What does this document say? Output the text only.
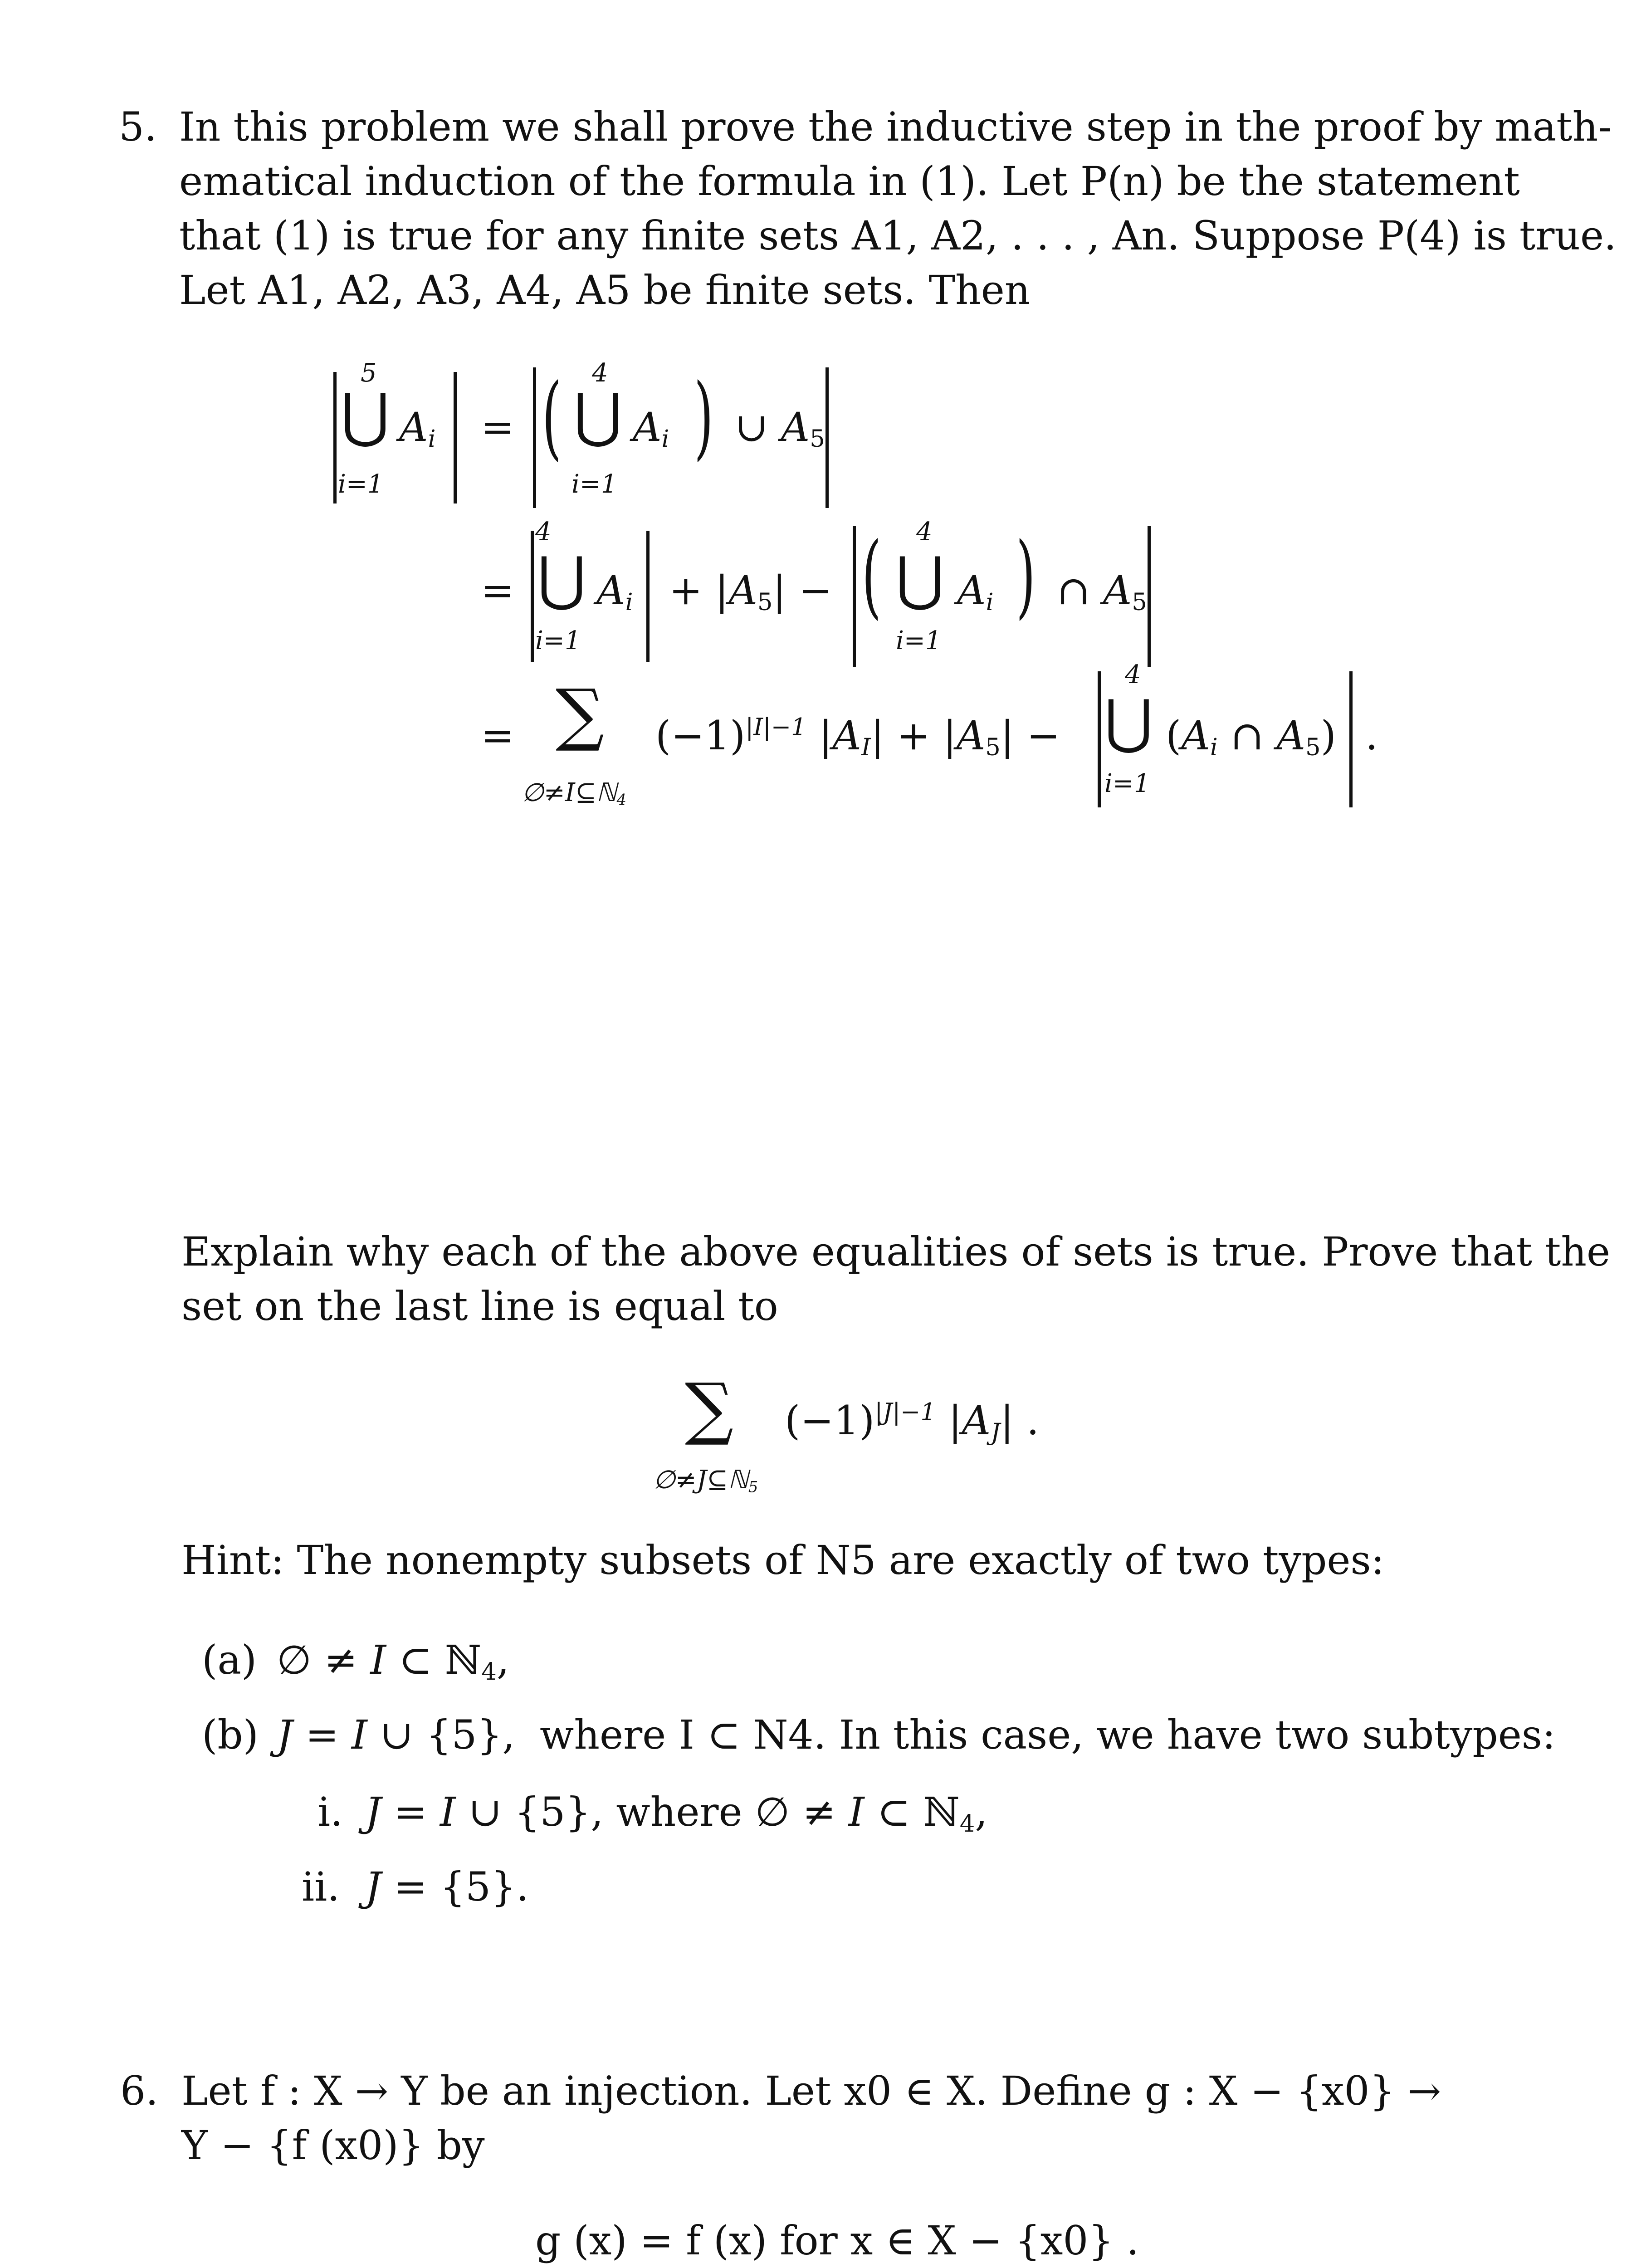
5. In this problem we shall prove the inductive step in the proof by math-
ematical induction of the formula in (1). Let P(n) be the statement
that (1) is true for any finite sets A1, A2, . . . , An. Suppose P(4) is true.
Let A1, A2, A3, A4, A5 be finite sets. Then
5
⋃
i=1
$A_i$ = ( 4
⋃
i=1
$A_i$ ) ∪ $A_5$
=
4
⋃
i=1
$A_i + |A_5|$ − ( 4
⋃
i=1
$A_i$ ) ∩ $A_5$
= ∑
∅≠I⊆ℕ$_4$
$(-1)^{|I|-1}$ $|A_I| + |A_5|$ −
4
⋃
i=1
($A_i$ ∩ $A_5$) .
Explain why each of the above equalities of sets is true. Prove that the
set on the last line is equal to
∑
∅≠J⊆ℕ$_5$
$(-1)^{|J|-1}$ $|A_J|$ .
Hint: The nonempty subsets of N5 are exactly of two types:
(a) ∅ ≠ I ⊂ ℕ$_4$,
(b) J = I ∪ {5}, where I ⊂ N4. In this case, we have two subtypes:
i. J = I ∪ {5}, where ∅ ≠ I ⊂ ℕ$_4$,
ii. J = {5}.
6. Let f : X → Y be an injection. Let x0 ∈ X. Define g : X − {x0} →
Y − {f (x0)} by
g (x) = f (x) for x ∈ X − {x0} .
